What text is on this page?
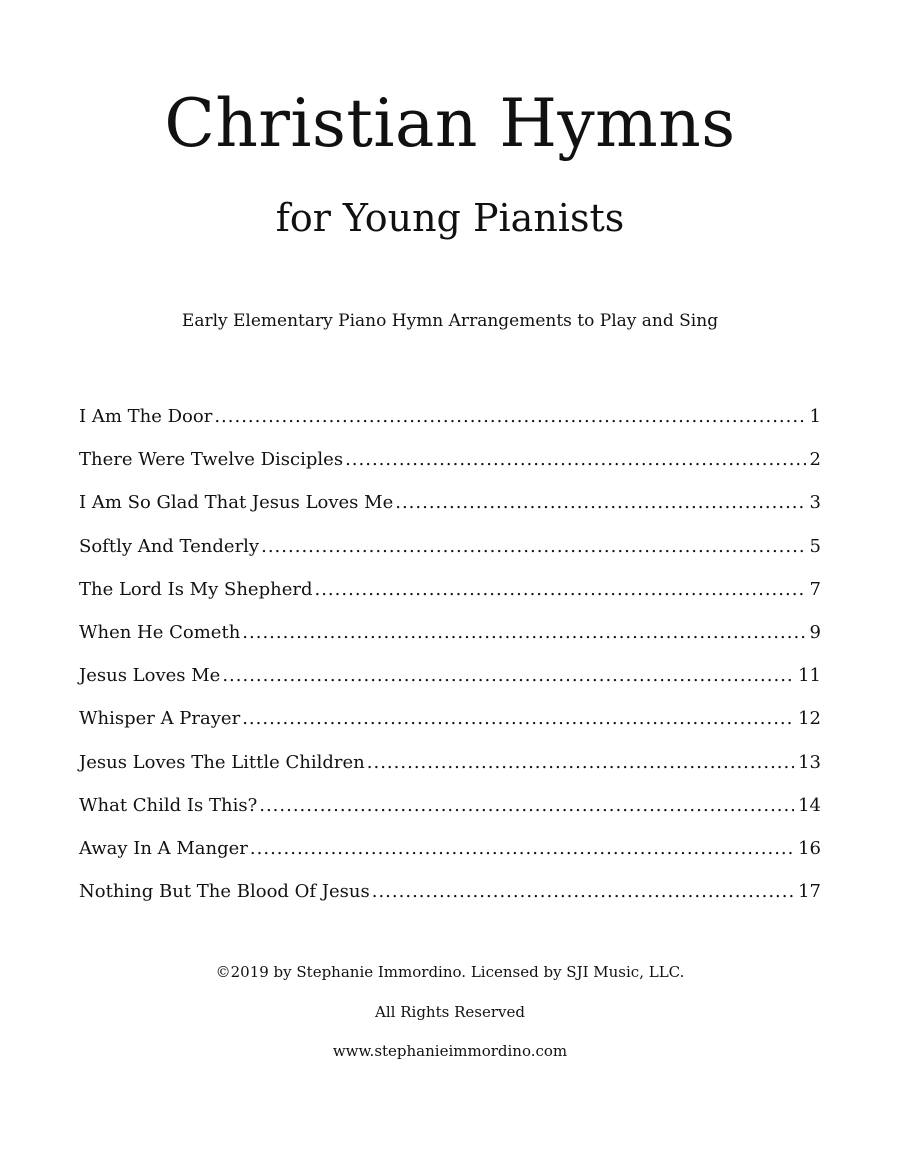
Christian Hymns
for Young Pianists

Early Elementary Piano Hymn Arrangements to Play and Sing

I Am The Door .....	1
There Were Twelve Disciples .....	2
I Am So Glad That Jesus Loves Me .....	3
Softly And Tenderly .....	5
The Lord Is My Shepherd .....	7
When He Cometh .....	9
Jesus Loves Me .....	11
Whisper A Prayer .....	12
Jesus Loves The Little Children .....	13
What Child Is This? .....	14
Away In A Manger .....	16
Nothing But The Blood Of Jesus .....	17

©2019 by Stephanie Immordino. Licensed by SJI Music, LLC.

All Rights Reserved

www.stephanieimmordino.com
